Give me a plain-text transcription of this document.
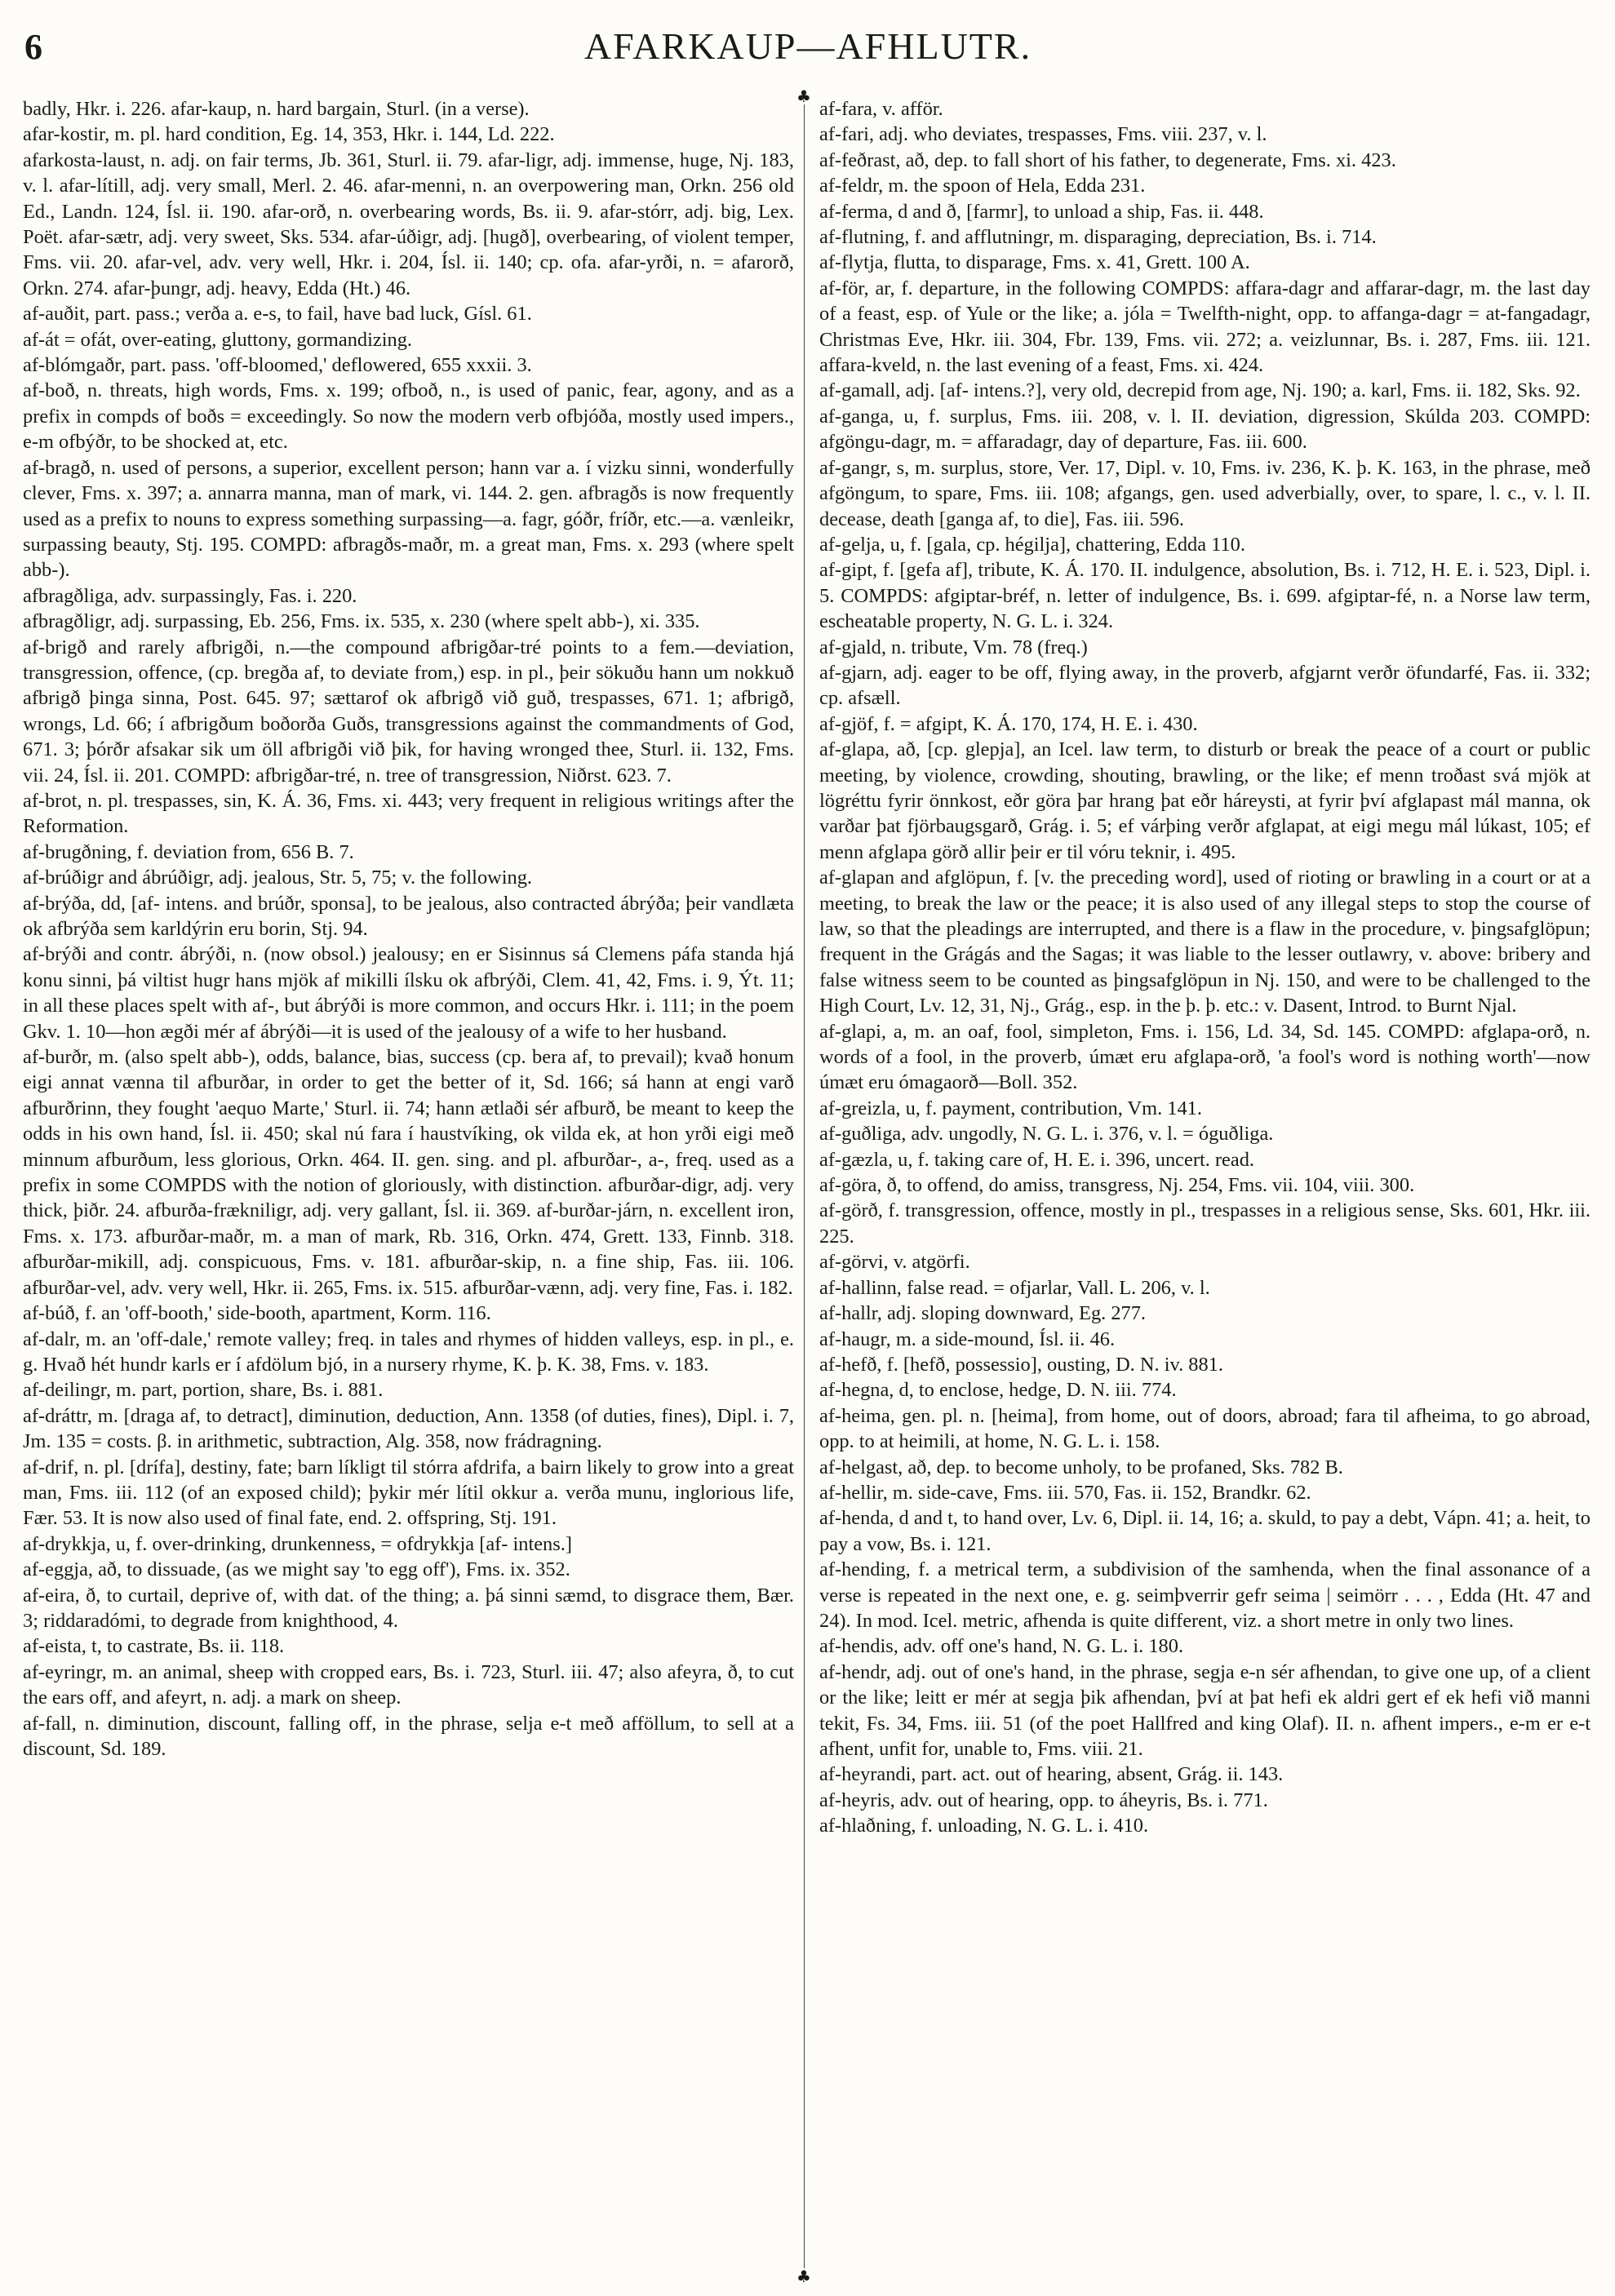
6	AFARKAUP—AFHLUTR.
♣
♣
badly, Hkr. i. 226. afar-kaup, n. hard bargain, Sturl. (in a verse).
afar-kostir, m. pl. hard condition, Eg. 14, 353, Hkr. i. 144, Ld. 222.
afarkosta-laust, n. adj. on fair terms, Jb. 361, Sturl. ii. 79. afar-ligr, adj. immense, huge, Nj. 183, v. l. afar-lítill, adj. very small, Merl. 2. 46. afar-menni, n. an overpowering man, Orkn. 256 old Ed., Landn. 124, Ísl. ii. 190. afar-orð, n. overbearing words, Bs. ii. 9. afar-stórr, adj. big, Lex. Poët. afar-sætr, adj. very sweet, Sks. 534. afar-úðigr, adj. [hugð], overbearing, of violent temper, Fms. vii. 20. afar-vel, adv. very well, Hkr. i. 204, Ísl. ii. 140; cp. ofa. afar-yrði, n. = afarorð, Orkn. 274. afar-þungr, adj. heavy, Edda (Ht.) 46.
af-auðit, part. pass.; verða a. e-s, to fail, have bad luck, Gísl. 61.
af-át = ofát, over-eating, gluttony, gormandizing.
af-blómgaðr, part. pass. 'off-bloomed,' deflowered, 655 xxxii. 3.
af-boð, n. threats, high words, Fms. x. 199; ofboð, n., is used of panic, fear, agony, and as a prefix in compds of boðs = exceedingly. So now the modern verb ofbjóða, mostly used impers., e-m ofbýðr, to be shocked at, etc.
af-bragð, n. used of persons, a superior, excellent person; hann var a. í vizku sinni, wonderfully clever, Fms. x. 397; a. annarra manna, man of mark, vi. 144. 2. gen. afbragðs is now frequently used as a prefix to nouns to express something surpassing—a. fagr, góðr, fríðr, etc.—a. vænleikr, surpassing beauty, Stj. 195. COMPD: afbragðs-maðr, m. a great man, Fms. x. 293 (where spelt abb-).
afbragðliga, adv. surpassingly, Fas. i. 220.
afbragðligr, adj. surpassing, Eb. 256, Fms. ix. 535, x. 230 (where spelt abb-), xi. 335.
af-brigð and rarely afbrigði, n.—the compound afbrigðar-tré points to a fem.—deviation, transgression, offence, (cp. bregða af, to deviate from,) esp. in pl., þeir sökuðu hann um nokkuð afbrigð þinga sinna, Post. 645. 97; sættarof ok afbrigð við guð, trespasses, 671. 1; afbrigð, wrongs, Ld. 66; í afbrigðum boðorða Guðs, transgressions against the commandments of God, 671. 3; þórðr afsakar sik um öll afbrigði við þik, for having wronged thee, Sturl. ii. 132, Fms. vii. 24, Ísl. ii. 201. COMPD: afbrigðar-tré, n. tree of transgression, Niðrst. 623. 7.
af-brot, n. pl. trespasses, sin, K. Á. 36, Fms. xi. 443; very frequent in religious writings after the Reformation.
af-brugðning, f. deviation from, 656 B. 7.
af-brúðigr and ábrúðigr, adj. jealous, Str. 5, 75; v. the following.
af-brýða, dd, [af- intens. and brúðr, sponsa], to be jealous, also contracted ábrýða; þeir vandlæta ok afbrýða sem karldýrin eru borin, Stj. 94.
af-brýði and contr. ábrýði, n. (now obsol.) jealousy; en er Sisinnus sá Clemens páfa standa hjá konu sinni, þá viltist hugr hans mjök af mikilli ílsku ok afbrýði, Clem. 41, 42, Fms. i. 9, Ýt. 11; in all these places spelt with af-, but ábrýði is more common, and occurs Hkr. i. 111; in the poem Gkv. 1. 10—hon ægði mér af ábrýði—it is used of the jealousy of a wife to her husband.
af-burðr, m. (also spelt abb-), odds, balance, bias, success (cp. bera af, to prevail); kvað honum eigi annat vænna til afburðar, in order to get the better of it, Sd. 166; sá hann at engi varð afburðrinn, they fought 'aequo Marte,' Sturl. ii. 74; hann ætlaði sér afburð, be meant to keep the odds in his own hand, Ísl. ii. 450; skal nú fara í haustvíking, ok vilda ek, at hon yrði eigi með minnum afburðum, less glorious, Orkn. 464. II. gen. sing. and pl. afburðar-, a-, freq. used as a prefix in some COMPDS with the notion of gloriously, with distinction. afburðar-digr, adj. very thick, þiðr. 24. afburða-frækniligr, adj. very gallant, Ísl. ii. 369. af-burðar-járn, n. excellent iron, Fms. x. 173. afburðar-maðr, m. a man of mark, Rb. 316, Orkn. 474, Grett. 133, Finnb. 318. afburðar-mikill, adj. conspicuous, Fms. v. 181. afburðar-skip, n. a fine ship, Fas. iii. 106. afburðar-vel, adv. very well, Hkr. ii. 265, Fms. ix. 515. afburðar-vænn, adj. very fine, Fas. i. 182.
af-búð, f. an 'off-booth,' side-booth, apartment, Korm. 116.
af-dalr, m. an 'off-dale,' remote valley; freq. in tales and rhymes of hidden valleys, esp. in pl., e. g. Hvað hét hundr karls er í afdölum bjó, in a nursery rhyme, K. þ. K. 38, Fms. v. 183.
af-deilingr, m. part, portion, share, Bs. i. 881.
af-dráttr, m. [draga af, to detract], diminution, deduction, Ann. 1358 (of duties, fines), Dipl. i. 7, Jm. 135 = costs. β. in arithmetic, subtraction, Alg. 358, now frádragning.
af-drif, n. pl. [drífa], destiny, fate; barn líkligt til stórra afdrifa, a bairn likely to grow into a great man, Fms. iii. 112 (of an exposed child); þykir mér lítil okkur a. verða munu, inglorious life, Fær. 53. It is now also used of final fate, end. 2. offspring, Stj. 191.
af-drykkja, u, f. over-drinking, drunkenness, = ofdrykkja [af- intens.]
af-eggja, að, to dissuade, (as we might say 'to egg off'), Fms. ix. 352.
af-eira, ð, to curtail, deprive of, with dat. of the thing; a. þá sinni sæmd, to disgrace them, Bær. 3; riddaradómi, to degrade from knighthood, 4.
af-eista, t, to castrate, Bs. ii. 118.
af-eyringr, m. an animal, sheep with cropped ears, Bs. i. 723, Sturl. iii. 47; also afeyra, ð, to cut the ears off, and afeyrt, n. adj. a mark on sheep.
af-fall, n. diminution, discount, falling off, in the phrase, selja e-t með afföllum, to sell at a discount, Sd. 189.
af-fara, v. afför.
af-fari, adj. who deviates, trespasses, Fms. viii. 237, v. l.
af-feðrast, að, dep. to fall short of his father, to degenerate, Fms. xi. 423.
af-feldr, m. the spoon of Hela, Edda 231.
af-ferma, d and ð, [farmr], to unload a ship, Fas. ii. 448.
af-flutning, f. and afflutningr, m. disparaging, depreciation, Bs. i. 714.
af-flytja, flutta, to disparage, Fms. x. 41, Grett. 100 A.
af-för, ar, f. departure, in the following COMPDS: affara-dagr and affarar-dagr, m. the last day of a feast, esp. of Yule or the like; a. jóla = Twelfth-night, opp. to affanga-dagr = at-fangadagr, Christmas Eve, Hkr. iii. 304, Fbr. 139, Fms. vii. 272; a. veizlunnar, Bs. i. 287, Fms. iii. 121. affara-kveld, n. the last evening of a feast, Fms. xi. 424.
af-gamall, adj. [af- intens.?], very old, decrepid from age, Nj. 190; a. karl, Fms. ii. 182, Sks. 92.
af-ganga, u, f. surplus, Fms. iii. 208, v. l. II. deviation, digression, Skúlda 203. COMPD: afgöngu-dagr, m. = affaradagr, day of departure, Fas. iii. 600.
af-gangr, s, m. surplus, store, Ver. 17, Dipl. v. 10, Fms. iv. 236, K. þ. K. 163, in the phrase, með afgöngum, to spare, Fms. iii. 108; afgangs, gen. used adverbially, over, to spare, l. c., v. l. II. decease, death [ganga af, to die], Fas. iii. 596.
af-gelja, u, f. [gala, cp. hégilja], chattering, Edda 110.
af-gipt, f. [gefa af], tribute, K. Á. 170. II. indulgence, absolution, Bs. i. 712, H. E. i. 523, Dipl. i. 5. COMPDS: afgiptar-bréf, n. letter of indulgence, Bs. i. 699. afgiptar-fé, n. a Norse law term, escheatable property, N. G. L. i. 324.
af-gjald, n. tribute, Vm. 78 (freq.)
af-gjarn, adj. eager to be off, flying away, in the proverb, afgjarnt verðr öfundarfé, Fas. ii. 332; cp. afsæll.
af-gjöf, f. = afgipt, K. Á. 170, 174, H. E. i. 430.
af-glapa, að, [cp. glepja], an Icel. law term, to disturb or break the peace of a court or public meeting, by violence, crowding, shouting, brawling, or the like; ef menn troðast svá mjök at lögréttu fyrir önnkost, eðr göra þar hrang þat eðr háreysti, at fyrir því afglapast mál manna, ok varðar þat fjörbaugsgarð, Grág. i. 5; ef várþing verðr afglapat, at eigi megu mál lúkast, 105; ef menn afglapa görð allir þeir er til vóru teknir, i. 495.
af-glapan and afglöpun, f. [v. the preceding word], used of rioting or brawling in a court or at a meeting, to break the law or the peace; it is also used of any illegal steps to stop the course of law, so that the pleadings are interrupted, and there is a flaw in the procedure, v. þingsafglöpun; frequent in the Grágás and the Sagas; it was liable to the lesser outlawry, v. above: bribery and false witness seem to be counted as þingsafglöpun in Nj. 150, and were to be challenged to the High Court, Lv. 12, 31, Nj., Grág., esp. in the þ. þ. etc.: v. Dasent, Introd. to Burnt Njal.
af-glapi, a, m. an oaf, fool, simpleton, Fms. i. 156, Ld. 34, Sd. 145. COMPD: afglapa-orð, n. words of a fool, in the proverb, úmæt eru afglapa-orð, 'a fool's word is nothing worth'—now úmæt eru ómagaorð—Boll. 352.
af-greizla, u, f. payment, contribution, Vm. 141.
af-guðliga, adv. ungodly, N. G. L. i. 376, v. l. = óguðliga.
af-gæzla, u, f. taking care of, H. E. i. 396, uncert. read.
af-göra, ð, to offend, do amiss, transgress, Nj. 254, Fms. vii. 104, viii. 300.
af-görð, f. transgression, offence, mostly in pl., trespasses in a religious sense, Sks. 601, Hkr. iii. 225.
af-görvi, v. atgörfi.
af-hallinn, false read. = ofjarlar, Vall. L. 206, v. l.
af-hallr, adj. sloping downward, Eg. 277.
af-haugr, m. a side-mound, Ísl. ii. 46.
af-hefð, f. [hefð, possessio], ousting, D. N. iv. 881.
af-hegna, d, to enclose, hedge, D. N. iii. 774.
af-heima, gen. pl. n. [heima], from home, out of doors, abroad; fara til afheima, to go abroad, opp. to at heimili, at home, N. G. L. i. 158.
af-helgast, að, dep. to become unholy, to be profaned, Sks. 782 B.
af-hellir, m. side-cave, Fms. iii. 570, Fas. ii. 152, Brandkr. 62.
af-henda, d and t, to hand over, Lv. 6, Dipl. ii. 14, 16; a. skuld, to pay a debt, Vápn. 41; a. heit, to pay a vow, Bs. i. 121.
af-hending, f. a metrical term, a subdivision of the samhenda, when the final assonance of a verse is repeated in the next one, e. g. seimþverrir gefr seima | seimörr . . . , Edda (Ht. 47 and 24). In mod. Icel. metric, afhenda is quite different, viz. a short metre in only two lines.
af-hendis, adv. off one's hand, N. G. L. i. 180.
af-hendr, adj. out of one's hand, in the phrase, segja e-n sér afhendan, to give one up, of a client or the like; leitt er mér at segja þik afhendan, því at þat hefi ek aldri gert ef ek hefi við manni tekit, Fs. 34, Fms. iii. 51 (of the poet Hallfred and king Olaf). II. n. afhent impers., e-m er e-t afhent, unfit for, unable to, Fms. viii. 21.
af-heyrandi, part. act. out of hearing, absent, Grág. ii. 143.
af-heyris, adv. out of hearing, opp. to áheyris, Bs. i. 771.
af-hlaðning, f. unloading, N. G. L. i. 410.
